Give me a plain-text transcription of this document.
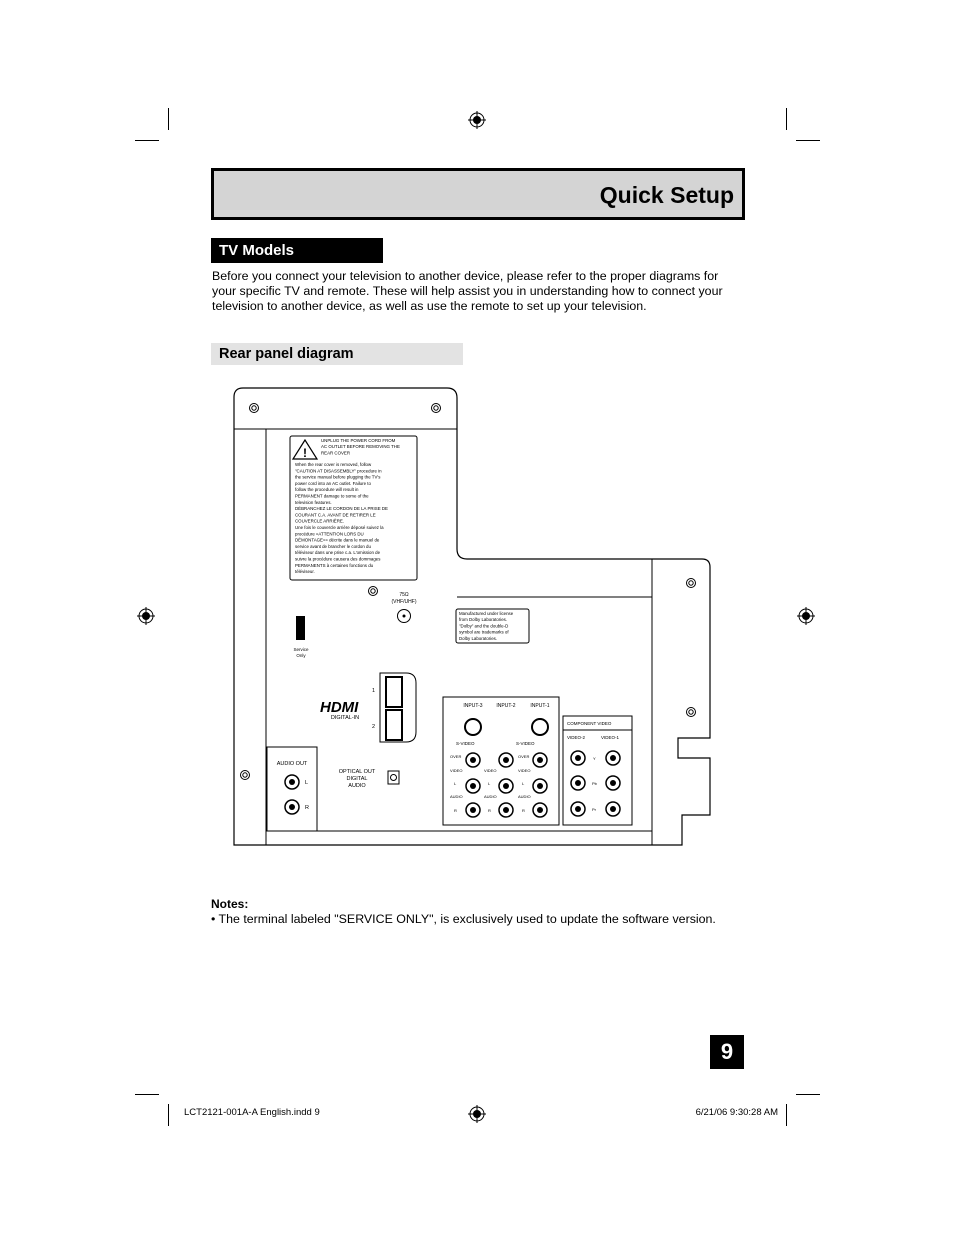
Quick Setup
TV Models
Before you connect your television to another device, please refer to the proper diagrams for your specific TV and remote. These will help assist you in understanding how to connect your television to another device, as well as use the remote to set up your television.
Rear panel diagram
!
UNPLUG THE POWER CORD FROM
AC OUTLET BEFORE REMOVING THE
REAR COVER
When the rear cover is removed, follow
"CAUTION AT DISASSEMBLY" procedure in
the service manual before plugging the TV's
power cord into an AC outlet. Failure to
follow the procedure will result in
PERMANENT damage to some of the
television features.
DÉBRANCHEZ LE CORDON DE LA PRISE DE
COURANT C.A. AVANT DE RETIRER LE
COUVERCLE ARRIÈRE.
Une fois le couvercle arrière déposé suivez la
procédure «ATTENTION LORS DU
DÉMONTAGE»» décrite dans le manuel de
service avant de brancher le cordon du
téléviseur dans une prise c.a. L'omission de
suivre la procédure causera des dommages
PERMANENTS à certaines fonctions du
téléviseur.
75Ω
(VHF/UHF)
Manufactured under license
from Dolby Laboratories.
"Dolby" and the double-D
symbol are trademarks of
Dolby Laboratories.
Service
Only
HDMI
DIGITAL-IN
1
2
AUDIO OUT
L
R
OPTICAL OUT
DIGITAL
AUDIO
INPUT-3	INPUT-2	INPUT-1
S-VIDEO	S-VIDEO
OVER	OVER
VIDEO	VIDEO	VIDEO
L	L	L
AUDIO	AUDIO	AUDIO
R	R	R
COMPONENT VIDEO
VIDEO-2	VIDEO-1
Y
Pb
Pr
Notes:
• The terminal labeled "SERVICE ONLY", is exclusively used to update the software version.
9
LCT2121-001A-A English.indd 9	6/21/06 9:30:28 AM
